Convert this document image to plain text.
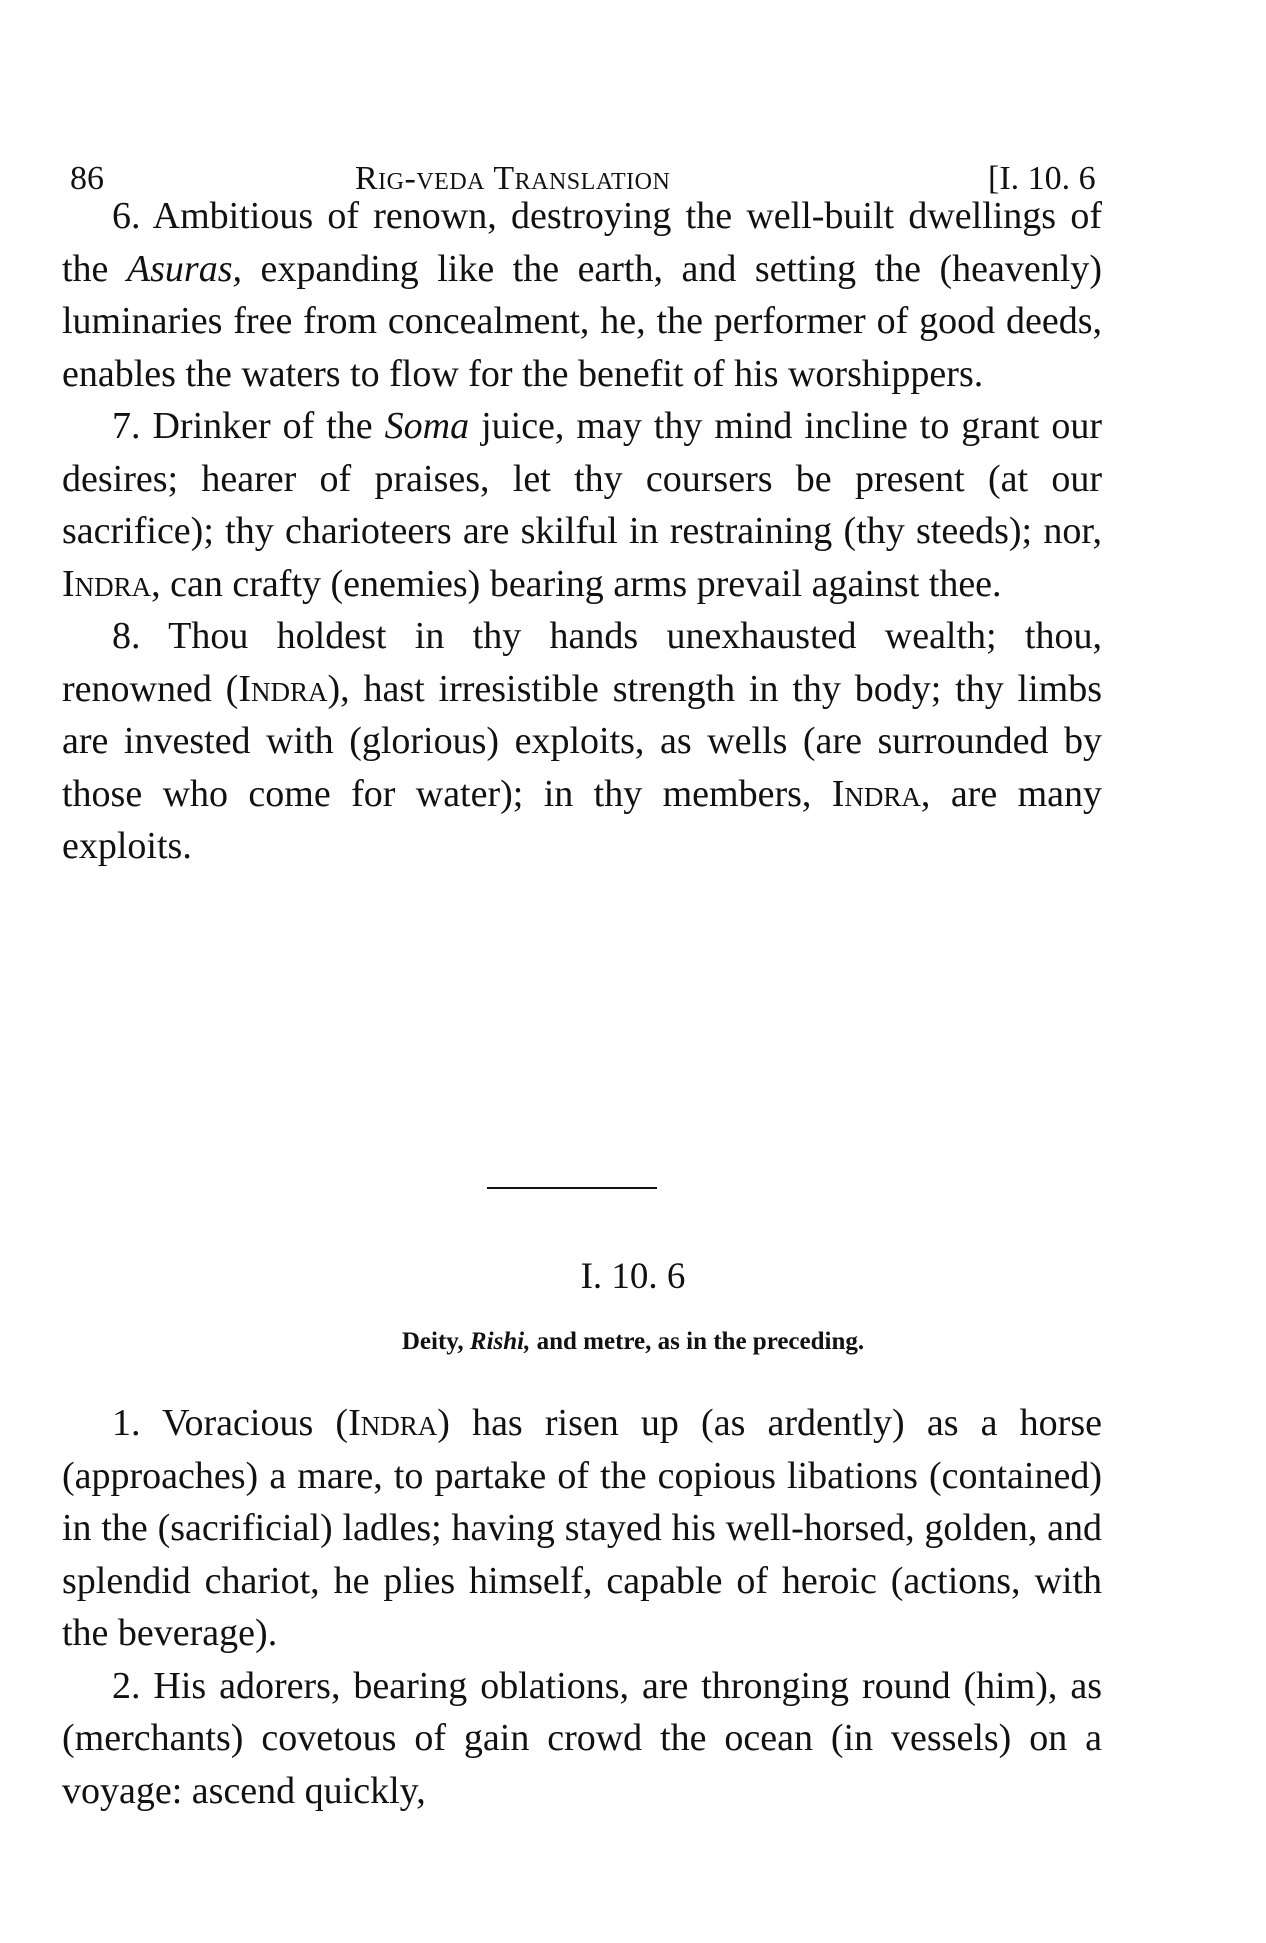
86	Rig-veda Translation	[I. 10. 6

6. Ambitious of renown, destroying the well-built dwellings of the Asuras, expanding like the earth, and setting the (heavenly) luminaries free from concealment, he, the performer of good deeds, enables the waters to flow for the benefit of his worshippers.

7. Drinker of the Soma juice, may thy mind incline to grant our desires; hearer of praises, let thy coursers be present (at our sacrifice); thy charioteers are skilful in restraining (thy steeds); nor, Indra, can crafty (enemies) bearing arms prevail against thee.

8. Thou holdest in thy hands unexhausted wealth; thou, renowned (Indra), hast irresistible strength in thy body; thy limbs are invested with (glorious) exploits, as wells (are surrounded by those who come for water); in thy members, Indra, are many exploits.

I. 10. 6
Deity, Rishi, and metre, as in the preceding.

1. Voracious (Indra) has risen up (as ardently) as a horse (approaches) a mare, to partake of the copious libations (contained) in the (sacrificial) ladles; having stayed his well-horsed, golden, and splendid chariot, he plies himself, capable of heroic (actions, with the beverage).

2. His adorers, bearing oblations, are thronging round (him), as (merchants) covetous of gain crowd the ocean (in vessels) on a voyage: ascend quickly,
